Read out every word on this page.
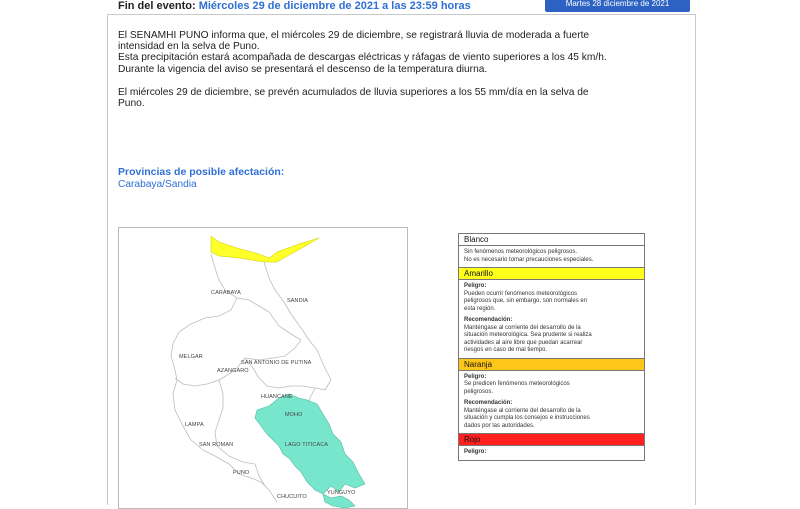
Fin del evento: Miércoles 29 de diciembre de 2021 a las 23:59 horas	Martes 28 diciembre de 2021

El SENAMHI PUNO informa que, el miércoles 29 de diciembre, se registrará lluvia de moderada a fuerte

intensidad en la selva de Puno.

Esta precipitación estará acompañada de descargas eléctricas y ráfagas de viento superiores a los 45 km/h.

Durante la vigencia del aviso se presentará el descenso de la temperatura diurna.

El miércoles 29 de diciembre, se prevén acumulados de lluvia superiores a los 55 mm/día en la selva de

Puno.

Provincias de posible afectación:
Carabaya/Sandia
CARABAYA
SANDIA
MELGAR
SAN ANTONIO DE PUTINA
AZANGARO
HUANCANE
MOHO
LAMPA
SAN ROMAN	LAGO TITICACA
PUNO
CHUCUITO
YUNGUYO
Blanco
Sin fenómenos meteorológicos peligrosos.
No es necesario tomar precauciones especiales.
Amarillo
Peligro:
Pueden ocurrir fenómenos meteorológicos
peligrosos que, sin embargo, son normales en
esta región.
Recomendación:
Manténgase al corriente del desarrollo de la
situación meteorológica. Sea prudente si realiza
actividades al aire libre que puedan acarrear
riesgos en caso de mal tiempo.
Naranja
Peligro:
Se predicen fenómenos meteorológicos
peligrosos.
Recomendación:
Manténgase al corriente del desarrollo de la
situación y cumpla los consejos e instrucciones
dados por las autoridades.
Rojo
Peligro:
